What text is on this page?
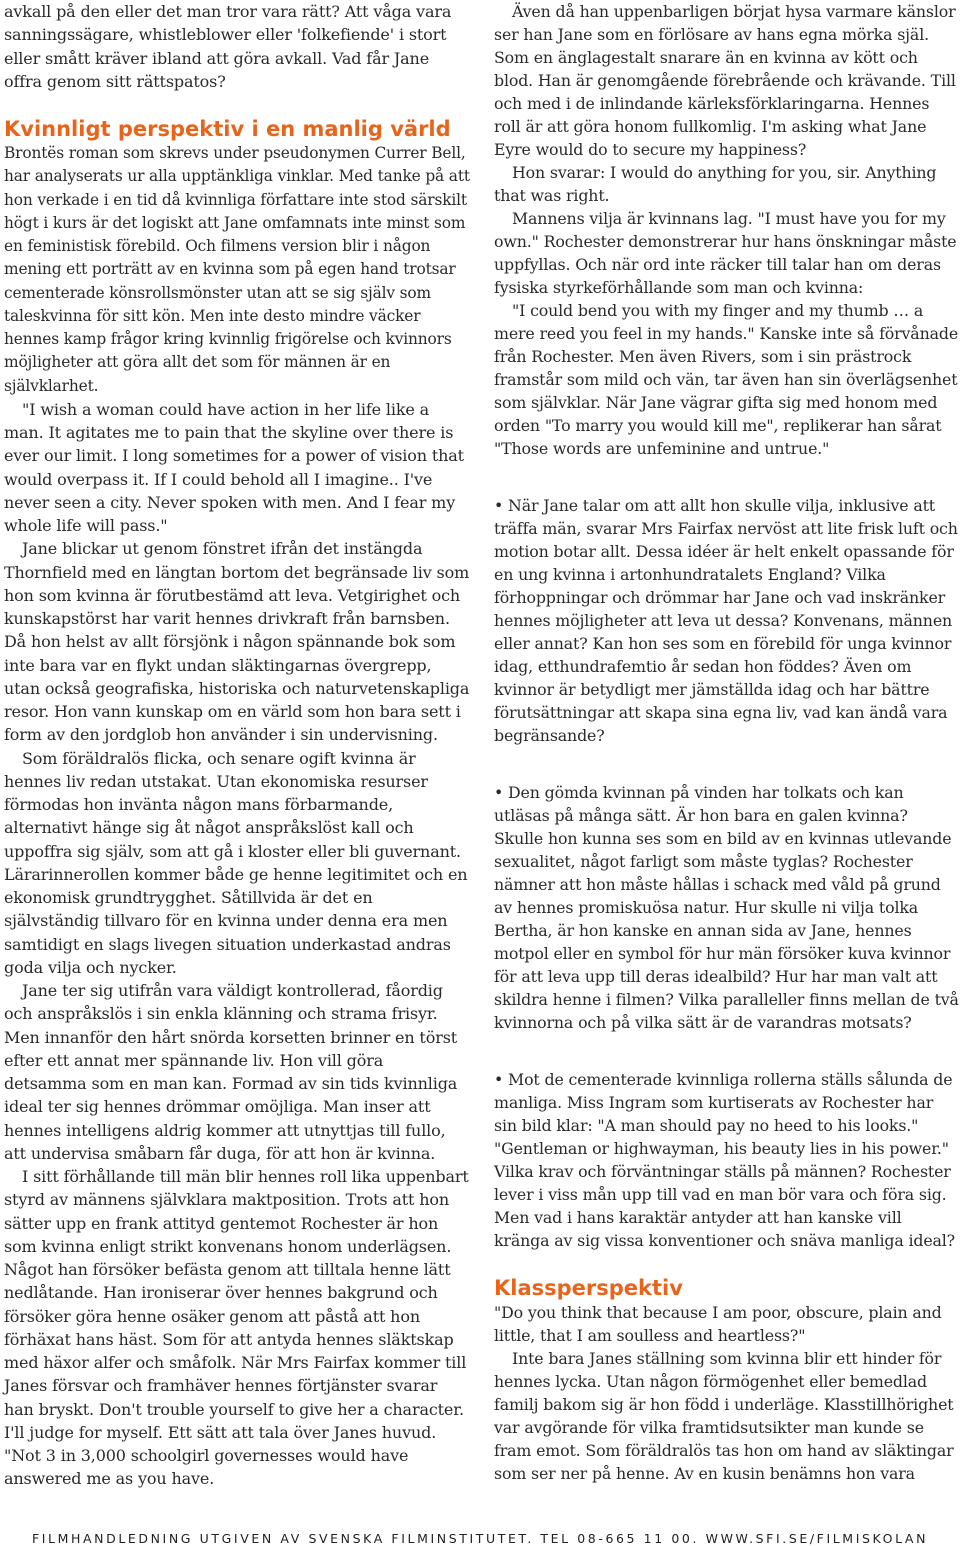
avkall på den eller det man tror vara rätt? Att våga vara sanningssägare, whistleblower eller 'folkefiende' i stort eller smått kräver ibland att göra avkall. Vad får Jane offra genom sitt rättspatos?

Kvinnligt perspektiv i en manlig värld

Brontës roman som skrevs under pseudonymen Currer Bell, har analyserats ur alla upptänkliga vinklar. Med tanke på att hon verkade i en tid då kvinnliga författare inte stod särskilt högt i kurs är det logiskt att Jane omfamnats inte minst som en feministisk förebild. Och filmens version blir i någon mening ett porträtt av en kvinna som på egen hand trotsar cementerade könsrollsmönster utan att se sig själv som taleskvinna för sitt kön. Men inte desto mindre väcker hennes kamp frågor kring kvinnlig frigörelse och kvinnors möjligheter att göra allt det som för männen är en självklarhet.

"I wish a woman could have action in her life like a man. It agitates me to pain that the skyline over there is ever our limit. I long sometimes for a power of vision that would overpass it. If I could behold all I imagine.. I've never seen a city. Never spoken with men. And I fear my whole life will pass."

Jane blickar ut genom fönstret ifrån det instängda Thornfield med en längtan bortom det begränsade liv som hon som kvinna är förutbestämd att leva. Vetgirighet och kunskapstörst har varit hennes drivkraft från barnsben. Då hon helst av allt försjönk i någon spännande bok som inte bara var en flykt undan släktingarnas övergrepp, utan också geografiska, historiska och naturvetenskapliga resor. Hon vann kunskap om en värld som hon bara sett i form av den jordglob hon använder i sin undervisning.

Som föräldralös flicka, och senare ogift kvinna är hennes liv redan utstakat. Utan ekonomiska resurser förmodas hon invänta någon mans förbarmande, alternativt hänge sig åt något anspråkslöst kall och uppoffra sig själv, som att gå i kloster eller bli guvernant. Lärarinnerollen kommer både ge henne legitimitet och en ekonomisk grundtrygghet. Såtillvida är det en självständig tillvaro för en kvinna under denna era men samtidigt en slags livegen situation underkastad andras goda vilja och nycker.

Jane ter sig utifrån vara väldigt kontrollerad, fåordig och anspråkslös i sin enkla klänning och strama frisyr. Men innanför den hårt snörda korsetten brinner en törst efter ett annat mer spännande liv. Hon vill göra detsamma som en man kan. Formad av sin tids kvinnliga ideal ter sig hennes drömmar omöjliga. Man inser att hennes intelligens aldrig kommer att utnyttjas till fullo, att undervisa småbarn får duga, för att hon är kvinna.

I sitt förhållande till män blir hennes roll lika uppenbart styrd av männens självklara maktposition. Trots att hon sätter upp en frank attityd gentemot Rochester är hon som kvinna enligt strikt konvenans honom underlägsen. Något han försöker befästa genom att tilltala henne lätt nedlåtande. Han ironiserar över hennes bakgrund och försöker göra henne osäker genom att påstå att hon förhäxat hans häst. Som för att antyda hennes släktskap med häxor alfer och småfolk. När Mrs Fairfax kommer till Janes försvar och framhäver hennes förtjänster svarar han bryskt. Don't trouble yourself to give her a character. I'll judge for myself. Ett sätt att tala över Janes huvud. "Not 3 in 3,000 schoolgirl governesses would have answered me as you have.

Även då han uppenbarligen börjat hysa varmare känslor ser han Jane som en förlösare av hans egna mörka själ. Som en änglagestalt snarare än en kvinna av kött och blod. Han är genomgående förebrående och krävande. Till och med i de inlindande kärleksförklaringarna. Hennes roll är att göra honom fullkomlig. I'm asking what Jane Eyre would do to secure my happiness?

Hon svarar: I would do anything for you, sir. Anything that was right.

Mannens vilja är kvinnans lag. "I must have you for my own." Rochester demonstrerar hur hans önskningar måste uppfyllas. Och när ord inte räcker till talar han om deras fysiska styrkeförhållande som man och kvinna:

"I could bend you with my finger and my thumb … a mere reed you feel in my hands." Kanske inte så förvånade från Rochester. Men även Rivers, som i sin prästrock framstår som mild och vän, tar även han sin överlägsenhet som självklar. När Jane vägrar gifta sig med honom med orden "To marry you would kill me", replikerar han sårat "Those words are unfeminine and untrue."

• När Jane talar om att allt hon skulle vilja, inklusive att träffa män, svarar Mrs Fairfax nervöst att lite frisk luft och motion botar allt. Dessa idéer är helt enkelt opassande för en ung kvinna i artonhundratalets England? Vilka förhoppningar och drömmar har Jane och vad inskränker hennes möjligheter att leva ut dessa? Konvenans, männen eller annat? Kan hon ses som en förebild för unga kvinnor idag, etthundrafemtio år sedan hon föddes? Även om kvinnor är betydligt mer jämställda idag och har bättre förutsättningar att skapa sina egna liv, vad kan ändå vara begränsande?

• Den gömda kvinnan på vinden har tolkats och kan utläsas på många sätt. Är hon bara en galen kvinna? Skulle hon kunna ses som en bild av en kvinnas utlevande sexualitet, något farligt som måste tyglas? Rochester nämner att hon måste hållas i schack med våld på grund av hennes promiskuösa natur. Hur skulle ni vilja tolka Bertha, är hon kanske en annan sida av Jane, hennes motpol eller en symbol för hur män försöker kuva kvinnor för att leva upp till deras idealbild? Hur har man valt att skildra henne i filmen? Vilka paralleller finns mellan de två kvinnorna och på vilka sätt är de varandras motsats?

• Mot de cementerade kvinnliga rollerna ställs sålunda de manliga. Miss Ingram som kurtiserats av Rochester har sin bild klar: "A man should pay no heed to his looks." "Gentleman or highwayman, his beauty lies in his power." Vilka krav och förväntningar ställs på männen? Rochester lever i viss mån upp till vad en man bör vara och föra sig. Men vad i hans karaktär antyder att han kanske vill kränga av sig vissa konventioner och snäva manliga ideal?

Klassperspektiv

"Do you think that because I am poor, obscure, plain and little, that I am soulless and heartless?"

Inte bara Janes ställning som kvinna blir ett hinder för hennes lycka. Utan någon förmögenhet eller bemedlad familj bakom sig är hon född i underläge. Klasstillhörighet var avgörande för vilka framtidsutsikter man kunde se fram emot. Som föräldralös tas hon om hand av släktingar som ser ner på henne. Av en kusin benämns hon vara

FILMHANDLEDNING UTGIVEN AV SVENSKA FILMINSTITUTET. TEL 08-665 11 00. WWW.SFI.SE/FILMISKOLAN
